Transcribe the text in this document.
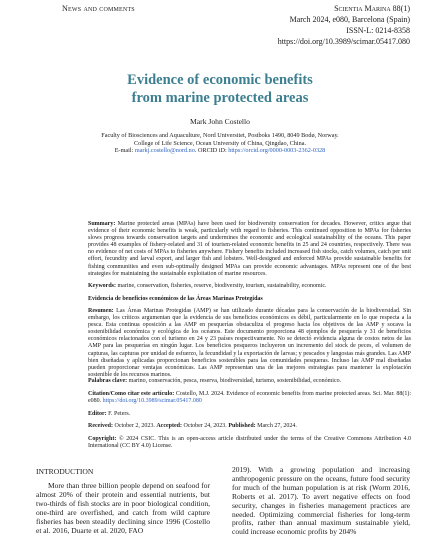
News and comments	Scientia Marina 88(1)
March 2024, e080, Barcelona (Spain)
ISSN-L: 0214-8358
https://doi.org/10.3989/scimar.05417.080
Evidence of economic benefits
from marine protected areas
Mark John Costello
Faculty of Biosciences and Aquaculture, Nord Universitet, Postboks 1490, 8049 Bodø, Norway.
College of Life Science, Ocean University of China, Qingdao, China.
E-mail: markj.costello@nord.no. ORCID iD: https://orcid.org/0000-0003-2362-0328
Summary: Marine protected areas (MPAs) have been used for biodiversity conservation for decades. However, critics argue that evidence of their economic benefits is weak, particularly with regard to fisheries. This continued opposition to MPAs for fisheries slows progress towards conservation targets and undermines the economic and ecological sustainability of the oceans. This paper provides 48 examples of fishery-related and 31 of tourism-related economic benefits in 25 and 24 countries, respectively. There was no evidence of net costs of MPAs to fisheries anywhere. Fishery benefits included increased fish stocks, catch volumes, catch per unit effort, fecundity and larval export, and larger fish and lobsters. Well-designed and enforced MPAs provide sustainable benefits for fishing communities and even sub-optimally designed MPAs can provide economic advantages. MPAs represent one of the best strategies for maintaining the sustainable exploitation of marine resources.
Keywords: marine, conservation, fisheries, reserve, biodiversity, tourism, sustainability, economic.
Evidencia de beneficios económicos de las Áreas Marinas Protegidas
Resumen: Las Áreas Marinas Protegidas (AMP) se han utilizado durante décadas para la conservación de la biodiversidad. Sin embargo, los críticos argumentan que la evidencia de sus beneficios económicos es débil, particularmente en lo que respecta a la pesca. Esta continua oposición a las AMP en pesquerías obstaculiza el progreso hacia los objetivos de las AMP y socava la sostenibilidad económica y ecológica de los océanos. Este documento proporciona 48 ejemplos de pesquería y 31 de beneficios económicos relacionados con el turismo en 24 y 23 países respectivamente. No se detectó evidencia alguna de costos netos de las AMP para las pesquerías en ningún lugar. Los beneficios pesqueros incluyeron un incremento del stock de peces, el volumen de capturas, las capturas por unidad de esfuerzo, la fecundidad y la exportación de larvas; y pescados y langostas más grandes. Las AMP bien diseñadas y aplicadas proporcionan beneficios sostenibles para las comunidades pesqueras. Incluso las AMP mal diseñadas pueden proporcionar ventajas económicas. Las AMP representan una de las mejores estrategias para mantener la explotación sostenible de los recursos marinos.
Palabras clave: marino, conservación, pesca, reserva, biodiversidad, turismo, sostenibilidad, económico.
Citation/Como citar este artículo: Costello, M.J. 2024. Evidence of economic benefits from marine protected areas. Sci. Mar. 88(1): e080. https://doi.org/10.3989/scimar.05417.080
Editor: F. Peters.
Received: October 2, 2023. Accepted: October 24, 2023. Published: March 27, 2024.
Copyright: © 2024 CSIC. This is an open-access article distributed under the terms of the Creative Commons Attribution 4.0 International (CC BY 4.0) License.
INTRODUCTION
More than three billion people depend on seafood for almost 20% of their protein and essential nutrients, but two-thirds of fish stocks are in poor biological condition, one-third are overfished, and catch from wild capture fisheries has been steadily declining since 1996 (Costello et al. 2016, Duarte et al. 2020, FAO
2019). With a growing population and increasing anthropogenic pressure on the oceans, future food security for much of the human population is at risk (Worm 2016, Roberts et al. 2017). To avert negative effects on food security, changes in fisheries management practices are needed. Optimizing commercial fisheries for long-term profits, rather than annual maximum sustainable yield, could increase economic profits by 204%
